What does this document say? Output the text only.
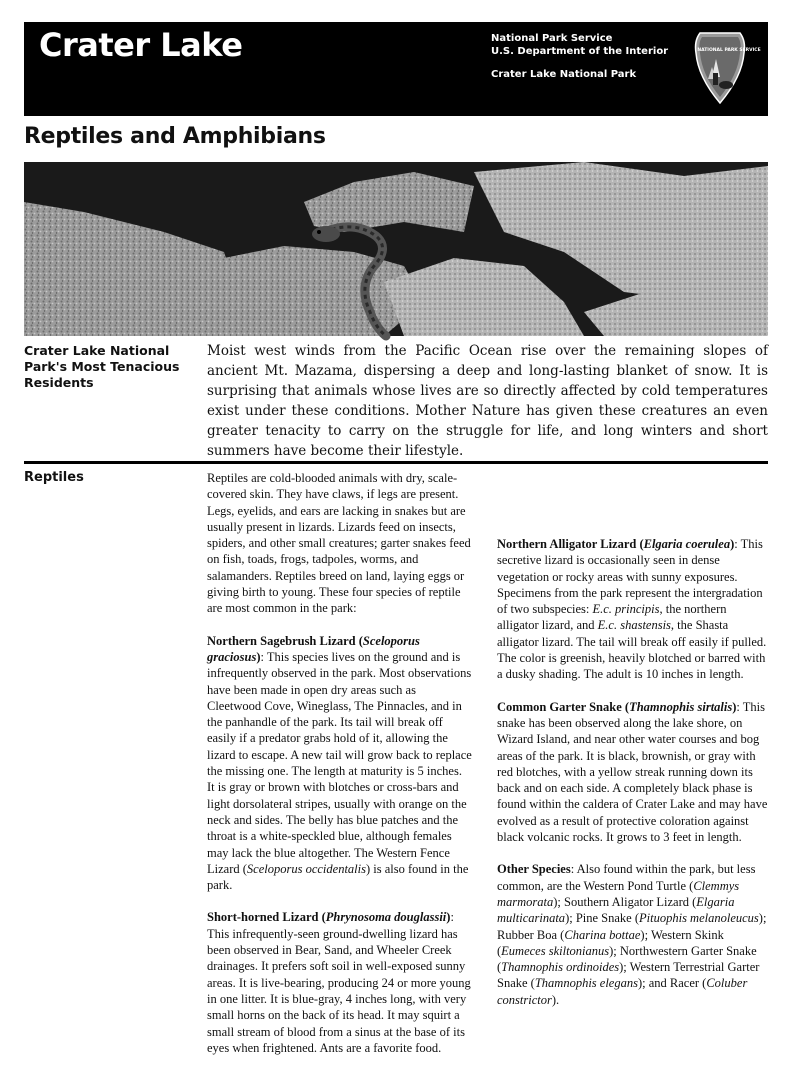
Crater Lake	National Park Service
U.S. Department of the Interior
Crater Lake National Park
NATIONAL PARK SERVICE
Reptiles and Amphibians
Crater Lake National Park's Most Tenacious Residents
Moist west winds from the Pacific Ocean rise over the remaining slopes of ancient Mt. Mazama, dispersing a deep and long-lasting blanket of snow. It is surprising that animals whose lives are so directly affected by cold temperatures exist under these conditions. Mother Nature has given these creatures an even greater tenacity to carry on the struggle for life, and long winters and short summers have become their lifestyle.
Reptiles	Reptiles are cold-blooded animals with dry, scale-covered skin. They have claws, if legs are present. Legs, eyelids, and ears are lacking in snakes but are usually present in lizards. Lizards feed on insects, spiders, and other small creatures; garter snakes feed on fish, toads, frogs, tadpoles, worms, and salamanders. Reptiles breed on land, laying eggs or giving birth to young. These four species of reptile are most common in the park:

Northern Sagebrush Lizard (Sceloporus graciosus): This species lives on the ground and is infrequently observed in the park. Most observations have been made in open dry areas such as Cleetwood Cove, Wineglass, The Pinnacles, and in the panhandle of the park. Its tail will break off easily if a predator grabs hold of it, allowing the lizard to escape. A new tail will grow back to replace the missing one. The length at maturity is 5 inches. It is gray or brown with blotches or cross-bars and light dorsolateral stripes, usually with orange on the neck and sides. The belly has blue patches and the throat is a white-speckled blue, although females may lack the blue altogether. The Western Fence Lizard (Sceloporus occidentalis) is also found in the park.

Short-horned Lizard (Phrynosoma douglassii): This infrequently-seen ground-dwelling lizard has been observed in Bear, Sand, and Wheeler Creek drainages. It prefers soft soil in well-exposed sunny areas. It is live-bearing, producing 24 or more young in one litter. It is blue-gray, 4 inches long, with very small horns on the back of its head. It may squirt a small stream of blood from a sinus at the base of its eyes when frightened. Ants are a favorite food.

Northern Alligator Lizard (Elgaria coerulea): This secretive lizard is occasionally seen in dense vegetation or rocky areas with sunny exposures. Specimens from the park represent the intergradation of two subspecies: E.c. principis, the northern alligator lizard, and E.c. shastensis, the Shasta alligator lizard. The tail will break off easily if pulled. The color is greenish, heavily blotched or barred with a dusky shading. The adult is 10 inches in length.

Common Garter Snake (Thamnophis sirtalis): This snake has been observed along the lake shore, on Wizard Island, and near other water courses and bog areas of the park. It is black, brownish, or gray with red blotches, with a yellow streak running down its back and on each side. A completely black phase is found within the caldera of Crater Lake and may have evolved as a result of protective coloration against black volcanic rocks. It grows to 3 feet in length.

Other Species: Also found within the park, but less common, are the Western Pond Turtle (Clemmys marmorata); Southern Aligator Lizard (Elgaria multicarinata); Pine Snake (Pituophis melanoleucus); Rubber Boa (Charina bottae); Western Skink (Eumeces skiltonianus); Northwestern Garter Snake (Thamnophis ordinoides); Western Terrestrial Garter Snake (Thamnophis elegans); and Racer (Coluber constrictor).
